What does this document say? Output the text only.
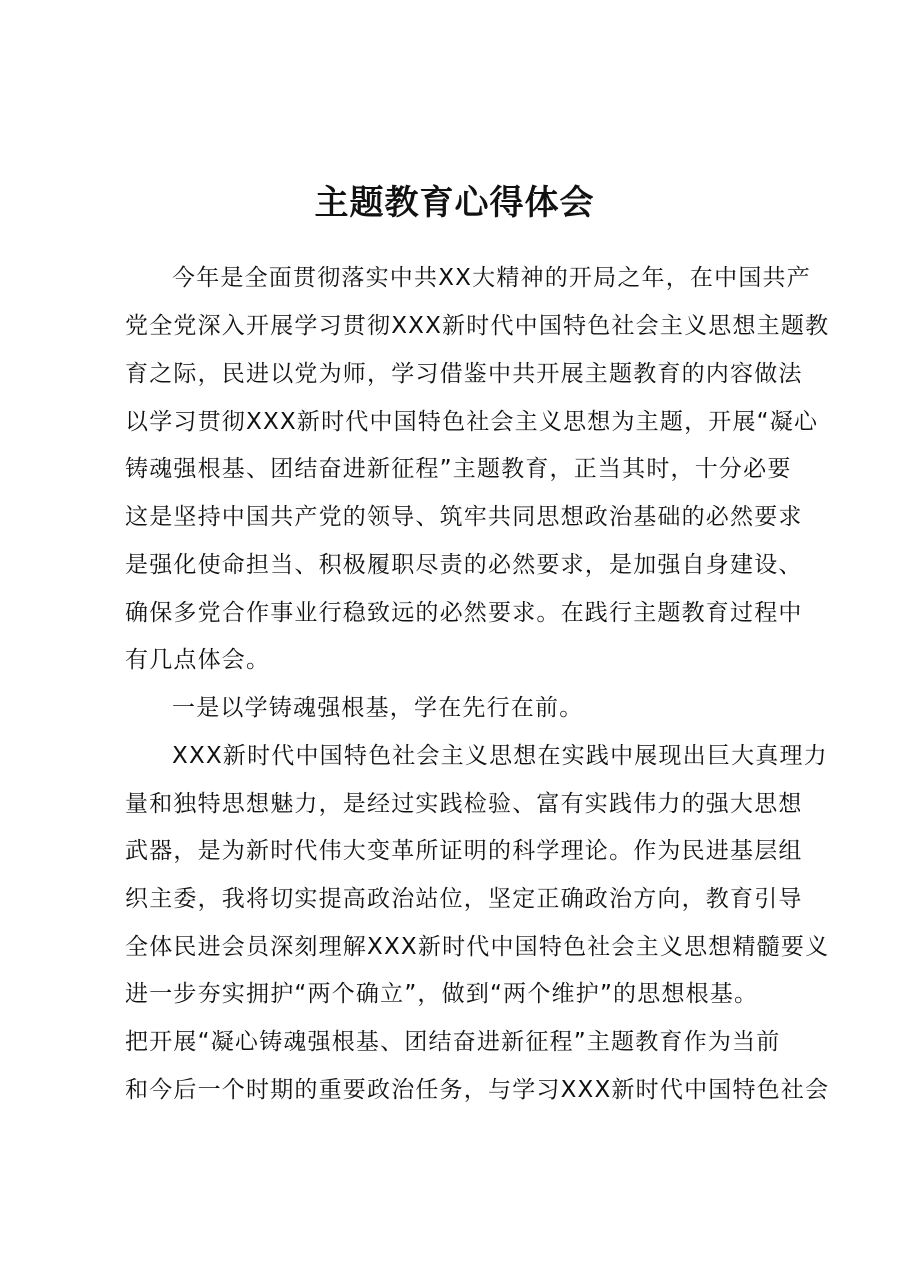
主题教育心得体会
今年是全面贯彻落实中共XX大精神的开局之年，在中国共产
党全党深入开展学习贯彻XXX新时代中国特色社会主义思想主题教
育之际，民进以党为师，学习借鉴中共开展主题教育的内容做法
以学习贯彻XXX新时代中国特色社会主义思想为主题，开展“凝心
铸魂强根基、团结奋进新征程”主题教育，正当其时，十分必要
这是坚持中国共产党的领导、筑牢共同思想政治基础的必然要求
是强化使命担当、积极履职尽责的必然要求，是加强自身建设、
确保多党合作事业行稳致远的必然要求。在践行主题教育过程中
有几点体会。
一是以学铸魂强根基，学在先行在前。
XXX新时代中国特色社会主义思想在实践中展现出巨大真理力
量和独特思想魅力，是经过实践检验、富有实践伟力的强大思想
武器，是为新时代伟大变革所证明的科学理论。作为民进基层组
织主委，我将切实提高政治站位，坚定正确政治方向，教育引导
全体民进会员深刻理解XXX新时代中国特色社会主义思想精髓要义
进一步夯实拥护“两个确立”，做到“两个维护”的思想根基。
把开展“凝心铸魂强根基、团结奋进新征程”主题教育作为当前
和今后一个时期的重要政治任务，与学习XXX新时代中国特色社会
